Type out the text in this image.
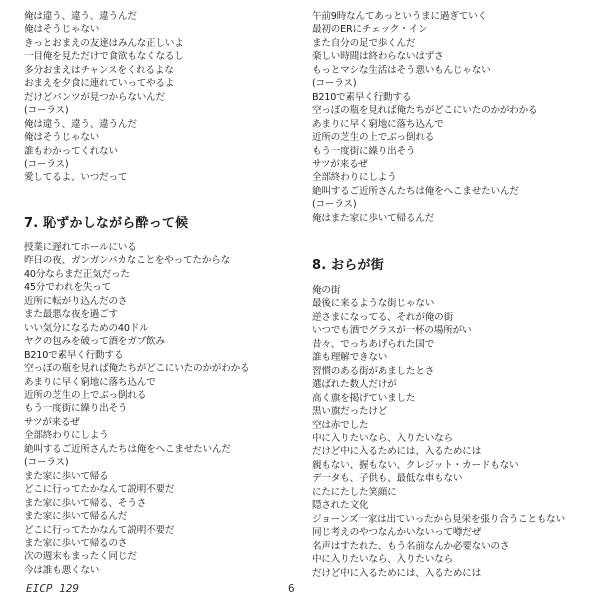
俺は違う、違う、違うんだ
俺はそうじゃない
きっとおまえの友達はみんな正しいよ
一目俺を見ただけで食欲もなくなるし
多分おまえはチャンスをくれるよな
おまえを夕食に連れていってやるよ
だけどパンツが見つからないんだ
(コーラス)
俺は違う、違う、違うんだ
俺はそうじゃない
誰もわかってくれない
(コーラス)
愛してるよ、いつだって
7. 恥ずかしながら酔って候
授業に遅れてホールにいる
昨日の夜、ガンガンバカなことをやってたからな
40分ならまだ正気だった
45分でわれを失って
近所に転がり込んだのさ
また最悪な夜を過ごす
いい気分になるための40ドル
ヤクの包みを破って酒をガブ飲み
B210で素早く行動する
空っぽの瓶を見れば俺たちがどこにいたのかがわかる
あまりに早く窮地に落ち込んで
近所の芝生の上でぶっ倒れる
もう一度街に繰り出そう
サツが来るぜ
全部終わりにしよう
絶叫するご近所さんたちは俺をへこませたいんだ
(コーラス)
また家に歩いて帰る
どこに行ってたかなんて説明不要だ
また家に歩いて帰る、そうさ
また家に歩いて帰るんだ
どこに行ってたかなんて説明不要だ
また家に歩いて帰るのさ
次の週末もまったく同じだ
今は誰も悪くない
午前9時なんてあっというまに過ぎていく
最初のERにチェック・イン
また自分の足で歩くんだ
楽しい時間は終わらないはずさ
もっとマシな生活はそう悪いもんじゃない
(コーラス)
B210で素早く行動する
空っぽの瓶を見れば俺たちがどこにいたのかがわかる
あまりに早く窮地に落ち込んで
近所の芝生の上でぶっ倒れる
もう一度街に繰り出そう
サツが来るぜ
全部終わりにしよう
絶叫するご近所さんたちは俺をへこませたいんだ
(コーラス)
俺はまた家に歩いて帰るんだ
8. おらが街
俺の街
最後に来るような街じゃない
逆さまになってる、それが俺の街
いつでも酒でグラスが一杯の場所がい
昔々、でっちあげられた国で
誰も理解できない
習慣のある街があましたとさ
選ばれた数人だけが
高く旗を掲げていました
黒い旗だったけど
空は赤でした
中に入りたいなら、入りたいなら
だけど中に入るためには、入るためには
親もない、握もない、クレジット・カードもない
デ一タも、子供も、最低な車もない
にたにたした笑顔に
隠された文化
ジョーンズ一家は出ていったから見栄を張り合うこともない
同じ考えのやつなんかいないって噂だぜ
名声はすたれた、もう名前なんか必要ないのさ
中に入りたいなら、入りたいなら
だけど中に入るためには、入るためには
EICP 129	6
